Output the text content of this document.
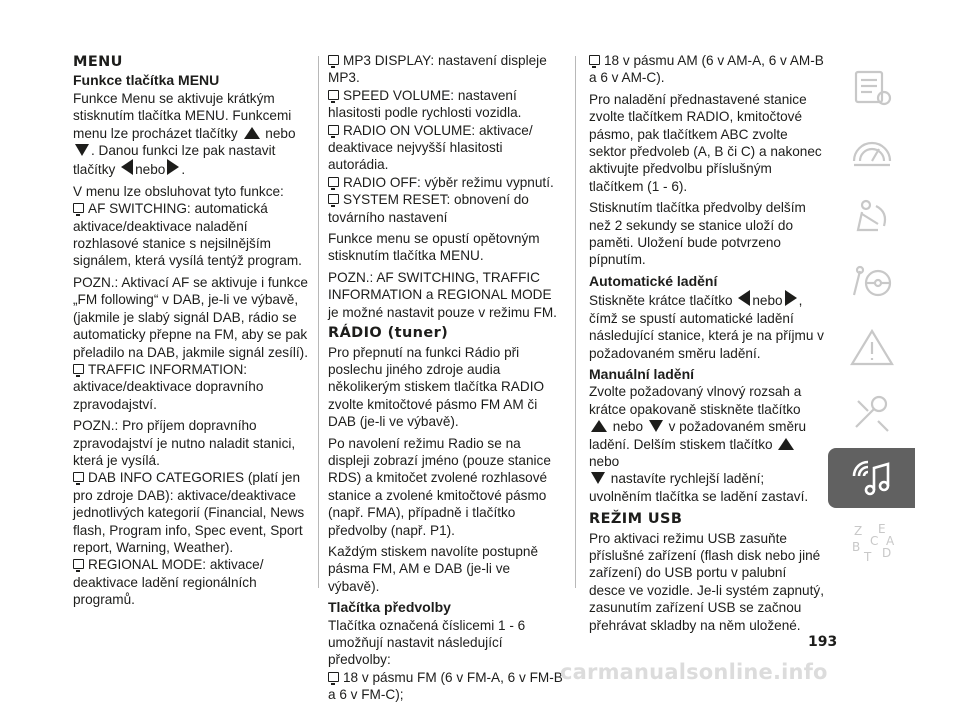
MENU

Funkce tlačítka MENU

Funkce Menu se aktivuje krátkým stisknutím tlačítka MENU. Funkcemi menu lze procházet tlačítky nebo
. Danou funkci lze pak nastavit tlačítky nebo .

V menu lze obsluhovat tyto funkce:

AF SWITCHING: automatická aktivace/deaktivace naladění rozhlasové stanice s nejsilnějším signálem, která vysílá tentýž program.

POZN.: Aktivací AF se aktivuje i funkce „FM following“ v DAB, je-li ve výbavě, (jakmile je slabý signál DAB, rádio se automaticky přepne na FM, aby se pak přeladilo na DAB, jakmile signál zesílí).

TRAFFIC INFORMATION: aktivace/deaktivace dopravního zpravodajství.

POZN.: Pro příjem dopravního zpravodajství je nutno naladit stanici, která je vysílá.

DAB INFO CATEGORIES (platí jen pro zdroje DAB): aktivace/deaktivace jednotlivých kategorií (Financial, News flash, Program info, Spec event, Sport report, Warning, Weather).

REGIONAL MODE: aktivace/ deaktivace ladění regionálních programů.

MP3 DISPLAY: nastavení displeje MP3.

SPEED VOLUME: nastavení hlasitosti podle rychlosti vozidla.

RADIO ON VOLUME: aktivace/ deaktivace nejvyšší hlasitosti autorádia.

RADIO OFF: výběr režimu vypnutí.

SYSTEM RESET: obnovení do továrního nastavení

Funkce menu se opustí opětovným stisknutím tlačítka MENU.

POZN.: AF SWITCHING, TRAFFIC INFORMATION a REGIONAL MODE je možné nastavit pouze v režimu FM.

RÁDIO (tuner)

Pro přepnutí na funkci Rádio při poslechu jiného zdroje audia několikerým stiskem tlačítka RADIO zvolte kmitočtové pásmo FM AM či DAB (je-li ve výbavě).

Po navolení režimu Radio se na displeji zobrazí jméno (pouze stanice RDS) a kmitočet zvolené rozhlasové stanice a zvolené kmitočtové pásmo (např. FMA), případně i tlačítko předvolby (např. P1).

Každým stiskem navolíte postupně pásma FM, AM e DAB (je-li ve výbavě).

Tlačítka předvolby

Tlačítka označená číslicemi 1 - 6 umožňují nastavit následující předvolby:

18 v pásmu FM (6 v FM-A, 6 v FM-B a 6 v FM-C);

18 v pásmu AM (6 v AM-A, 6 v AM-B a 6 v AM-C).

Pro naladění přednastavené stanice zvolte tlačítkem RADIO, kmitočtové pásmo, pak tlačítkem ABC zvolte sektor předvoleb (A, B či C) a nakonec aktivujte předvolbu příslušným tlačítkem (1 - 6).

Stisknutím tlačítka předvolby delším než 2 sekundy se stanice uloží do paměti. Uložení bude potvrzeno pípnutím.

Automatické ladění

Stiskněte krátce tlačítko nebo , čímž se spustí automatické ladění následující stanice, která je na příjmu v požadovaném směru ladění.

Manuální ladění

Zvolte požadovaný vlnový rozsah a krátce opakovaně stiskněte tlačítko
nebo v požadovaném směru ladění. Delším stiskem tlačítko  nebo
nastavíte rychlejší ladění; uvolněním tlačítka se ladění zastaví.

REŽIM USB

Pro aktivaci režimu USB zasuňte příslušné zařízení (flash disk nebo jiné zařízení) do USB portu v palubní desce ve vozidle. Je-li systém zapnutý, zasunutím zařízení USB se začnou přehrávat skladby na něm uložené.

Z E
B C
T D
A
193
carmanualsonline.info
